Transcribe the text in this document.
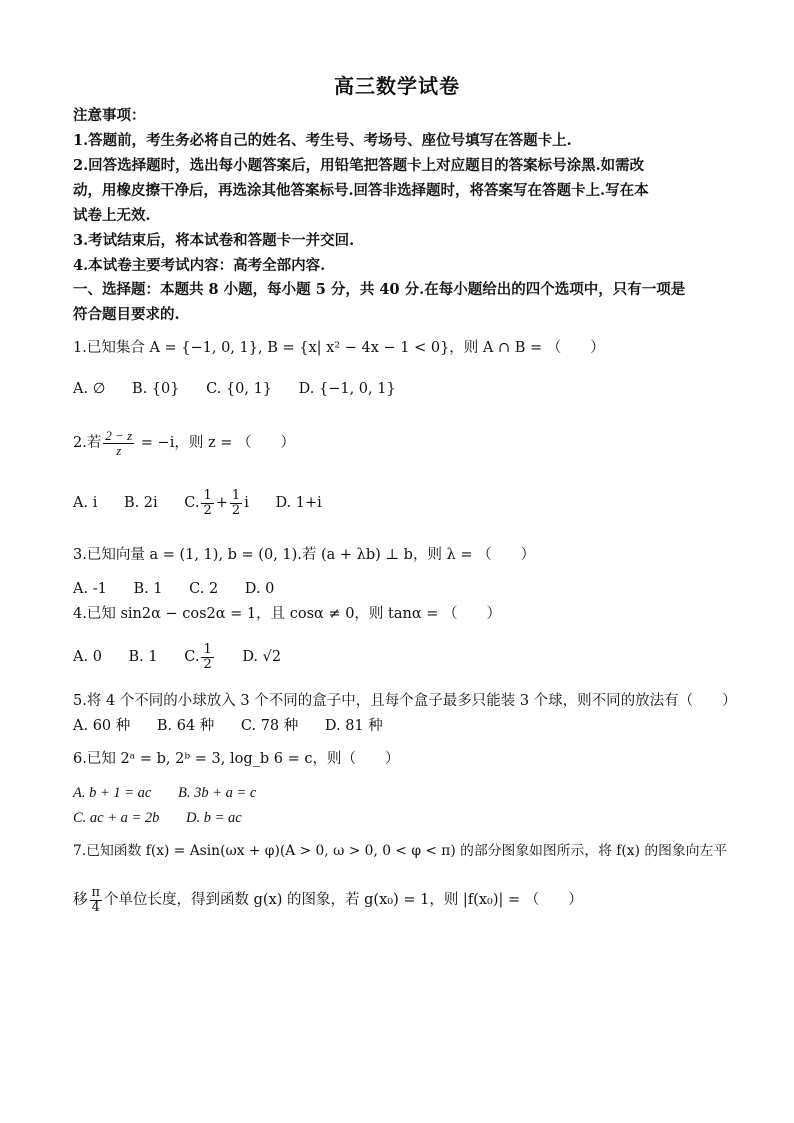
高三数学试卷
注意事项：
1.答题前，考生务必将自己的姓名、考生号、考场号、座位号填写在答题卡上.
2.回答选择题时，选出每小题答案后，用铅笔把答题卡上对应题目的答案标号涂黑.如需改
动，用橡皮擦干净后，再选涂其他答案标号.回答非选择题时，将答案写在答题卡上.写在本
试卷上无效.
3.考试结束后，将本试卷和答题卡一并交回.
4.本试卷主要考试内容：高考全部内容.
一、选择题：本题共 8 小题，每小题 5 分，共 40 分.在每小题给出的四个选项中，只有一项是
符合题目要求的.
1.已知集合 A = {−1, 0, 1}, B = {x| x² − 4x − 1 < 0}，则 A ∩ B = （　　）
A. ∅ B. {0} C. {0, 1} D. {−1, 0, 1}
2.若 $\frac{2 - z}{z} = -i$，则 z = （　　）
A. i B. 2i C. $\frac{1}{2} + \frac{1}{2}$ i D. 1+i
3.已知向量 a = (1, 1), b = (0, 1).若 (a + λb) ⊥ b，则 λ = （　　）
A. -1 B. 1 C. 2 D. 0
4.已知 sin2α − cos2α = 1，且 cosα ≠ 0，则 tanα = （　　）
A. 0 B. 1 C. $\frac{1}{2} D$. √2
5.将 4 个不同的小球放入 3 个不同的盒子中，且每个盒子最多只能装 3 个球，则不同的放法有（　　）
A. 60 种 B. 64 种 C. 78 种 D. 81 种
6.已知 2ᵃ = b, 2ᵇ = 3, log_b 6 = c，则（　　）
A. b + 1 = ac B. 3b + a = c
C. ac + a = 2b D. b = ac
7.已知函数 f(x) = Asin(ωx + φ)(A > 0, ω > 0, 0 < φ < π) 的部分图象如图所示，将 f(x) 的图象向左平
移 $\frac{\pi}{4}$ 个单位长度，得到函数 g(x) 的图象，若 g(x₀) = 1，则 |f(x₀)| = （　　）
